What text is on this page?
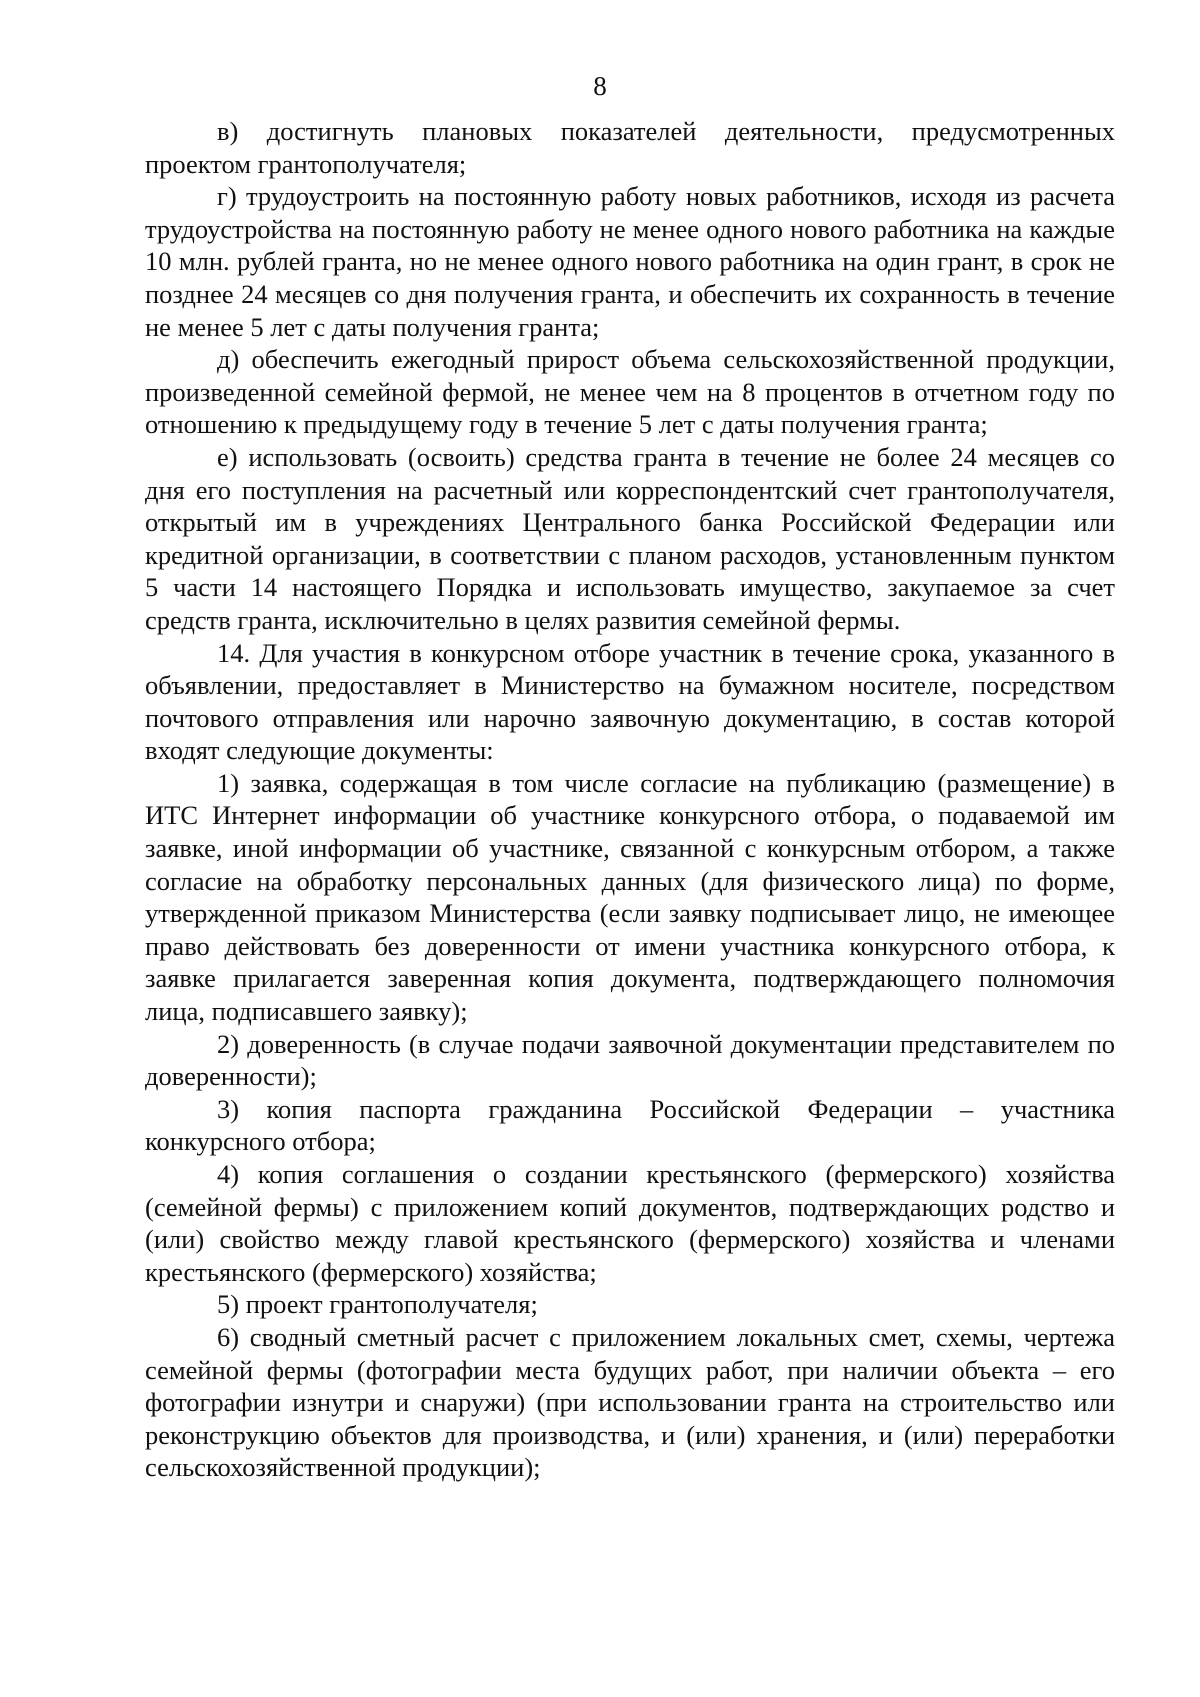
8

в) достигнуть плановых показателей деятельности, предусмотренных проектом грантополучателя;

г) трудоустроить на постоянную работу новых работников, исходя из расчета трудоустройства на постоянную работу не менее одного нового работника на каждые 10 млн. рублей гранта, но не менее одного нового работника на один грант, в срок не позднее 24 месяцев со дня получения гранта, и обеспечить их сохранность в течение не менее 5 лет с даты получения гранта;

д) обеспечить ежегодный прирост объема сельскохозяйственной продукции, произведенной семейной фермой, не менее чем на 8 процентов в отчетном году по отношению к предыдущему году в течение 5 лет с даты получения гранта;

е) использовать (освоить) средства гранта в течение не более 24 месяцев со дня его поступления на расчетный или корреспондентский счет грантополучателя, открытый им в учреждениях Центрального банка Российской Федерации или кредитной организации, в соответствии с планом расходов, установленным пунктом 5 части 14 настоящего Порядка и использовать имущество, закупаемое за счет средств гранта, исключительно в целях развития семейной фермы.

14. Для участия в конкурсном отборе участник в течение срока, указанного в объявлении, предоставляет в Министерство на бумажном носителе, посредством почтового отправления или нарочно заявочную документацию, в состав которой входят следующие документы:

1) заявка, содержащая в том числе согласие на публикацию (размещение) в ИТС Интернет информации об участнике конкурсного отбора, о подаваемой им заявке, иной информации об участнике, связанной с конкурсным отбором, а также согласие на обработку персональных данных (для физического лица) по форме, утвержденной приказом Министерства (если заявку подписывает лицо, не имеющее право действовать без доверенности от имени участника конкурсного отбора, к заявке прилагается заверенная копия документа, подтверждающего полномочия лица, подписавшего заявку);

2) доверенность (в случае подачи заявочной документации представителем по доверенности);

3) копия паспорта гражданина Российской Федерации – участника конкурсного отбора;

4) копия соглашения о создании крестьянского (фермерского) хозяйства (семейной фермы) с приложением копий документов, подтверждающих родство и (или) свойство между главой крестьянского (фермерского) хозяйства и членами крестьянского (фермерского) хозяйства;

5) проект грантополучателя;

6) сводный сметный расчет с приложением локальных смет, схемы, чертежа семейной фермы (фотографии места будущих работ, при наличии объекта – его фотографии изнутри и снаружи) (при использовании гранта на строительство или реконструкцию объектов для производства, и (или) хранения, и (или) переработки сельскохозяйственной продукции);
